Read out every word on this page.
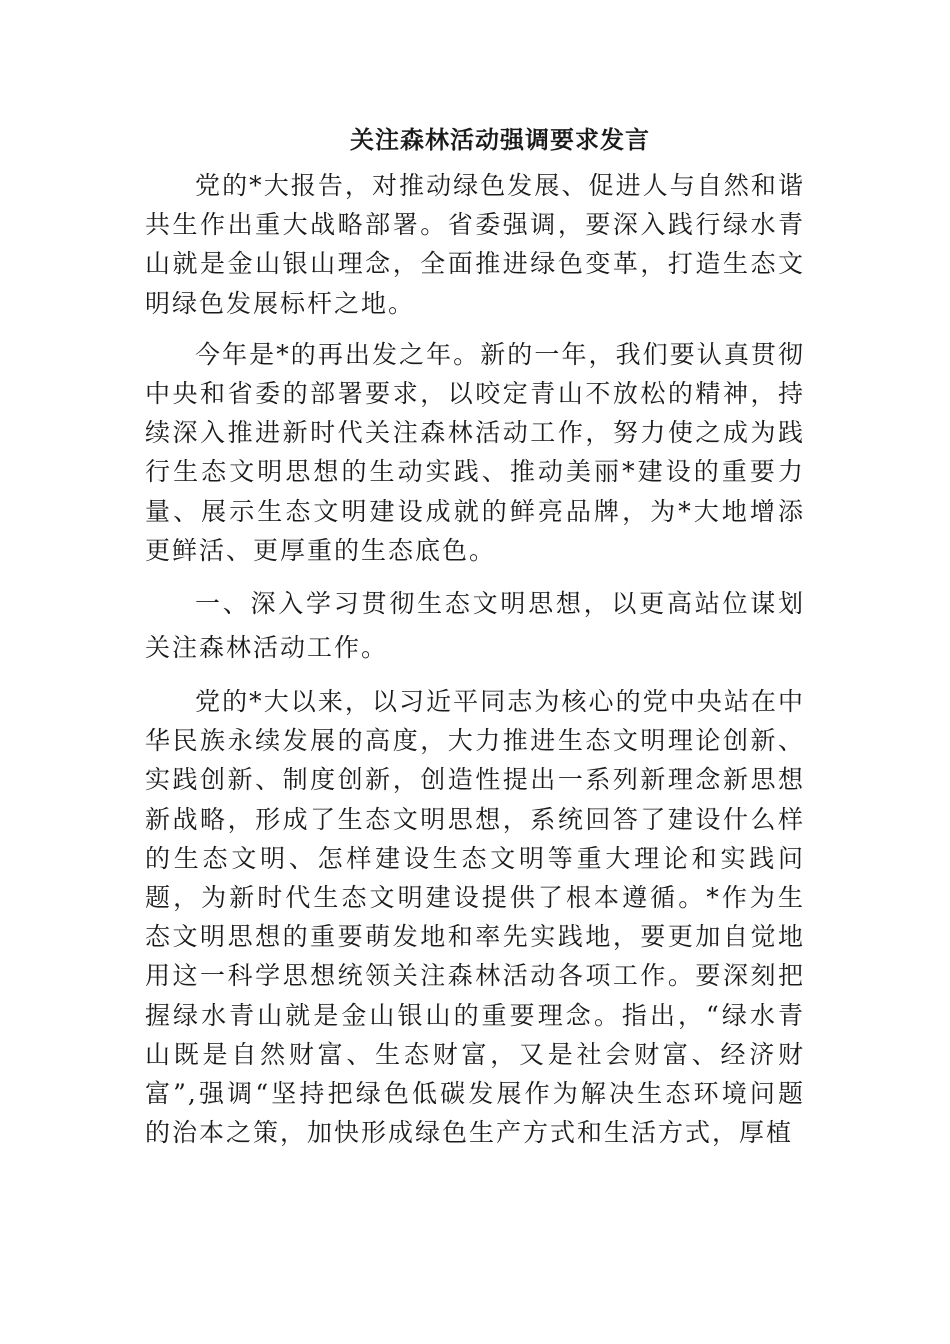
关注森林活动强调要求发言

党的*大报告，对推动绿色发展、促进人与自然和谐共生作出重大战略部署。省委强调，要深入践行绿水青山就是金山银山理念，全面推进绿色变革，打造生态文明绿色发展标杆之地。

今年是*的再出发之年。新的一年，我们要认真贯彻中央和省委的部署要求，以咬定青山不放松的精神，持续深入推进新时代关注森林活动工作，努力使之成为践行生态文明思想的生动实践、推动美丽*建设的重要力量、展示生态文明建设成就的鲜亮品牌，为*大地增添更鲜活、更厚重的生态底色。

一、深入学习贯彻生态文明思想，以更高站位谋划关注森林活动工作。

党的*大以来，以习近平同志为核心的党中央站在中华民族永续发展的高度，大力推进生态文明理论创新、实践创新、制度创新，创造性提出一系列新理念新思想新战略，形成了生态文明思想，系统回答了建设什么样的生态文明、怎样建设生态文明等重大理论和实践问题，为新时代生态文明建设提供了根本遵循。*作为生态文明思想的重要萌发地和率先实践地，要更加自觉地用这一科学思想统领关注森林活动各项工作。要深刻把握绿水青山就是金山银山的重要理念。指出，“绿水青山既是自然财富、生态财富，又是社会财富、经济财富”,强调“坚持把绿色低碳发展作为解决生态环境问题的治本之策，加快形成绿色生产方式和生活方式，厚植
